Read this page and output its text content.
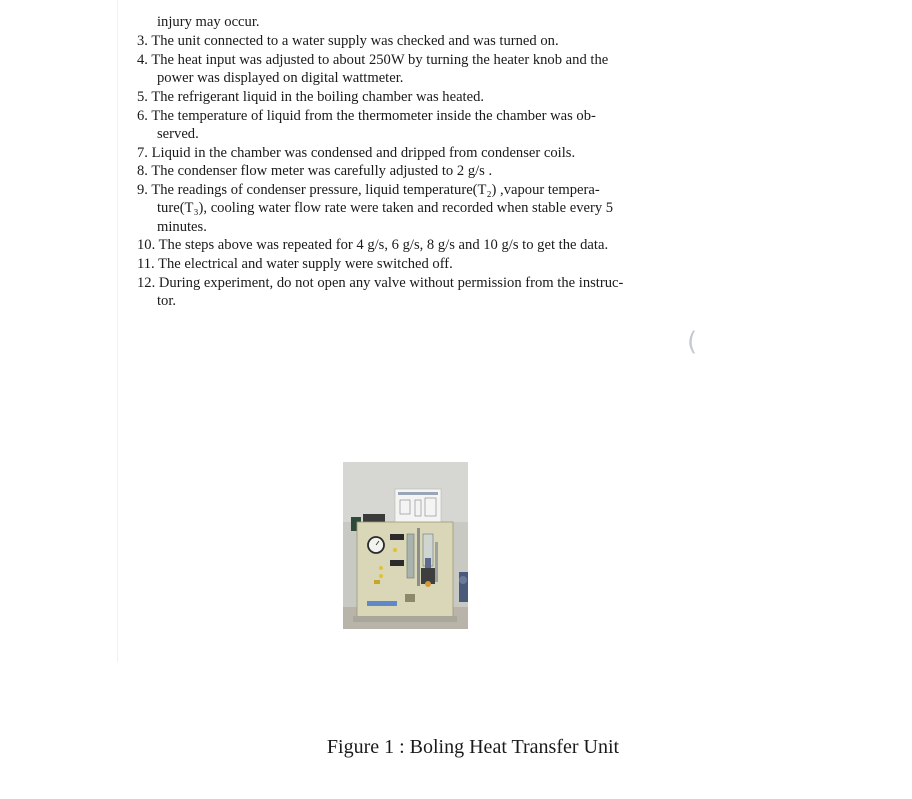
injury may occur.
3. The unit connected to a water supply was checked and was turned on.
4. The heat input was adjusted to about 250W by turning the heater knob and the
power was displayed on digital wattmeter.
5. The refrigerant liquid in the boiling chamber was heated.
6. The temperature of liquid from the thermometer inside the chamber was ob-
served.
7. Liquid in the chamber was condensed and dripped from condenser coils.
8. The condenser flow meter was carefully adjusted to 2 g/s .
9. The readings of condenser pressure, liquid temperature(T₂) ,vapour tempera-
ture(T₃), cooling water flow rate were taken and recorded when stable every 5
minutes.
10. The steps above was repeated for 4 g/s, 6 g/s, 8 g/s and 10 g/s to get the data.
11. The electrical and water supply were switched off.
12. During experiment, do not open any valve without permission from the instruc-
tor.
(
Figure 1 : Boling Heat Transfer Unit
